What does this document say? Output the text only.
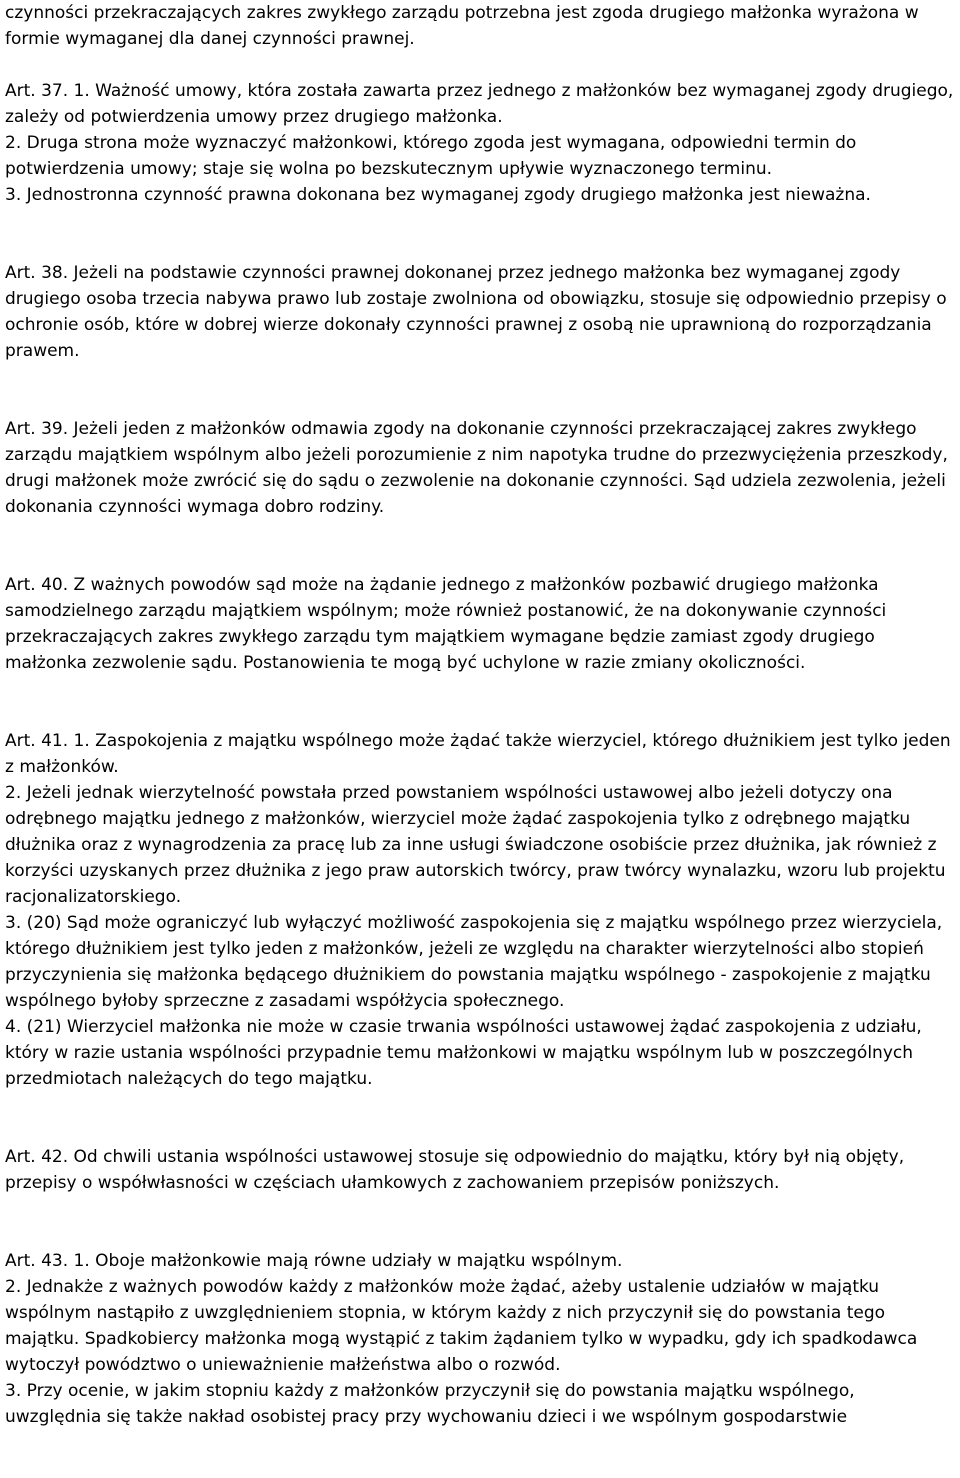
czynności przekraczających zakres zwykłego zarządu potrzebna jest zgoda drugiego małżonka wyrażona w formie wymaganej dla danej czynności prawnej.

Art. 37. 1. Ważność umowy, która została zawarta przez jednego z małżonków bez wymaganej zgody drugiego, zależy od potwierdzenia umowy przez drugiego małżonka.

2. Druga strona może wyznaczyć małżonkowi, którego zgoda jest wymagana, odpowiedni termin do potwierdzenia umowy; staje się wolna po bezskutecznym upływie wyznaczonego terminu.

3. Jednostronna czynność prawna dokonana bez wymaganej zgody drugiego małżonka jest nieważna.

Art. 38. Jeżeli na podstawie czynności prawnej dokonanej przez jednego małżonka bez wymaganej zgody drugiego osoba trzecia nabywa prawo lub zostaje zwolniona od obowiązku, stosuje się odpowiednio przepisy o ochronie osób, które w dobrej wierze dokonały czynności prawnej z osobą nie uprawnioną do rozporządzania prawem.

Art. 39. Jeżeli jeden z małżonków odmawia zgody na dokonanie czynności przekraczającej zakres zwykłego zarządu majątkiem wspólnym albo jeżeli porozumienie z nim napotyka trudne do przezwyciężenia przeszkody, drugi małżonek może zwrócić się do sądu o zezwolenie na dokonanie czynności. Sąd udziela zezwolenia, jeżeli dokonania czynności wymaga dobro rodziny.

Art. 40. Z ważnych powodów sąd może na żądanie jednego z małżonków pozbawić drugiego małżonka samodzielnego zarządu majątkiem wspólnym; może również postanowić, że na dokonywanie czynności przekraczających zakres zwykłego zarządu tym majątkiem wymagane będzie zamiast zgody drugiego małżonka zezwolenie sądu. Postanowienia te mogą być uchylone w razie zmiany okoliczności.

Art. 41. 1. Zaspokojenia z majątku wspólnego może żądać także wierzyciel, którego dłużnikiem jest tylko jeden z małżonków.

2. Jeżeli jednak wierzytelność powstała przed powstaniem wspólności ustawowej albo jeżeli dotyczy ona odrębnego majątku jednego z małżonków, wierzyciel może żądać zaspokojenia tylko z odrębnego majątku dłużnika oraz z wynagrodzenia za pracę lub za inne usługi świadczone osobiście przez dłużnika, jak również z korzyści uzyskanych przez dłużnika z jego praw autorskich twórcy, praw twórcy wynalazku, wzoru lub projektu racjonalizatorskiego.

3. (20) Sąd może ograniczyć lub wyłączyć możliwość zaspokojenia się z majątku wspólnego przez wierzyciela, którego dłużnikiem jest tylko jeden z małżonków, jeżeli ze względu na charakter wierzytelności albo stopień przyczynienia się małżonka będącego dłużnikiem do powstania majątku wspólnego - zaspokojenie z majątku wspólnego byłoby sprzeczne z zasadami współżycia społecznego.

4. (21) Wierzyciel małżonka nie może w czasie trwania wspólności ustawowej żądać zaspokojenia z udziału, który w razie ustania wspólności przypadnie temu małżonkowi w majątku wspólnym lub w poszczególnych przedmiotach należących do tego majątku.

Art. 42. Od chwili ustania wspólności ustawowej stosuje się odpowiednio do majątku, który był nią objęty, przepisy o współwłasności w częściach ułamkowych z zachowaniem przepisów poniższych.

Art. 43. 1. Oboje małżonkowie mają równe udziały w majątku wspólnym.

2. Jednakże z ważnych powodów każdy z małżonków może żądać, ażeby ustalenie udziałów w majątku wspólnym nastąpiło z uwzględnieniem stopnia, w którym każdy z nich przyczynił się do powstania tego majątku. Spadkobiercy małżonka mogą wystąpić z takim żądaniem tylko w wypadku, gdy ich spadkodawca wytoczył powództwo o unieważnienie małżeństwa albo o rozwód.

3. Przy ocenie, w jakim stopniu każdy z małżonków przyczynił się do powstania majątku wspólnego, uwzględnia się także nakład osobistej pracy przy wychowaniu dzieci i we wspólnym gospodarstwie
